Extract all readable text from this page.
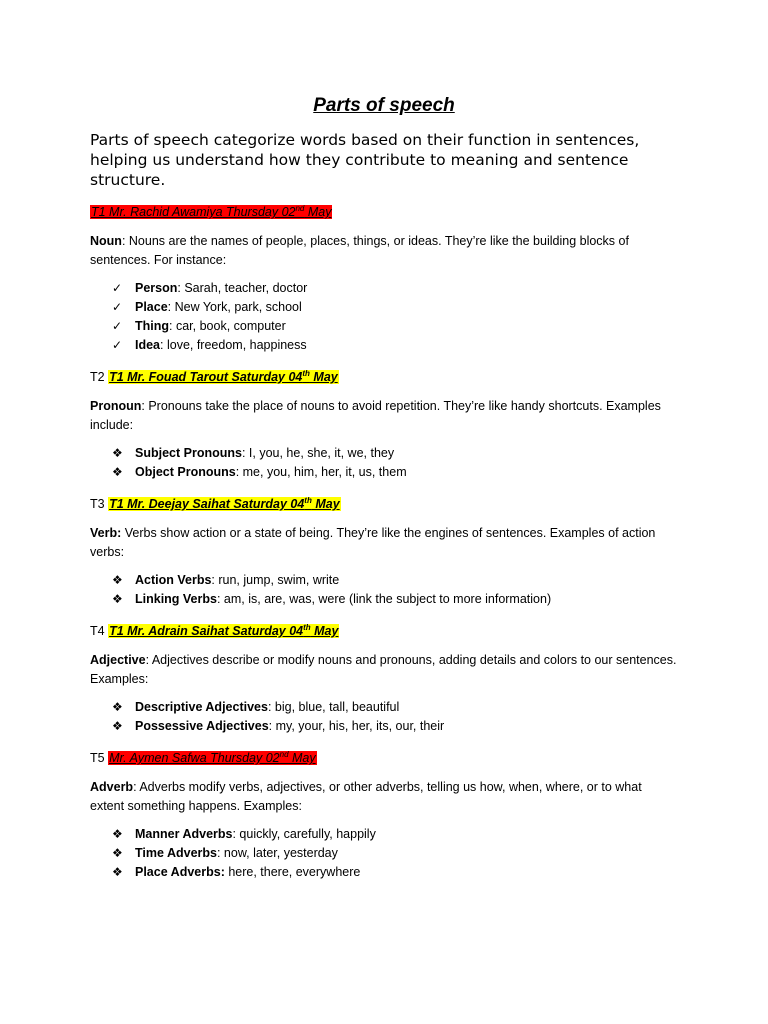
Parts of speech

Parts of speech categorize words based on their function in sentences, helping us understand how they contribute to meaning and sentence structure.

T1 Mr. Rachid Awamiya Thursday 02nd May

Noun: Nouns are the names of people, places, things, or ideas. They’re like the building blocks of sentences. For instance:

✓	Person: Sarah, teacher, doctor
✓	Place: New York, park, school
✓	Thing: car, book, computer
✓	Idea: love, freedom, happiness

T2 T1 Mr. Fouad Tarout Saturday 04th May

Pronoun: Pronouns take the place of nouns to avoid repetition. They’re like handy shortcuts. Examples include:

❖ Subject Pronouns: I, you, he, she, it, we, they
❖ Object Pronouns: me, you, him, her, it, us, them

T3 T1 Mr. Deejay Saihat Saturday 04th May

Verb: Verbs show action or a state of being. They’re like the engines of sentences. Examples of action verbs:

❖ Action Verbs: run, jump, swim, write
❖ Linking Verbs: am, is, are, was, were (link the subject to more information)

T4 T1 Mr. Adrain Saihat Saturday 04th May

Adjective: Adjectives describe or modify nouns and pronouns, adding details and colors to our sentences. Examples:

❖ Descriptive Adjectives: big, blue, tall, beautiful
❖ Possessive Adjectives: my, your, his, her, its, our, their

T5 Mr. Aymen Safwa Thursday 02nd May

Adverb: Adverbs modify verbs, adjectives, or other adverbs, telling us how, when, where, or to what extent something happens. Examples:

❖ Manner Adverbs: quickly, carefully, happily
❖ Time Adverbs: now, later, yesterday
❖ Place Adverbs: here, there, everywhere
